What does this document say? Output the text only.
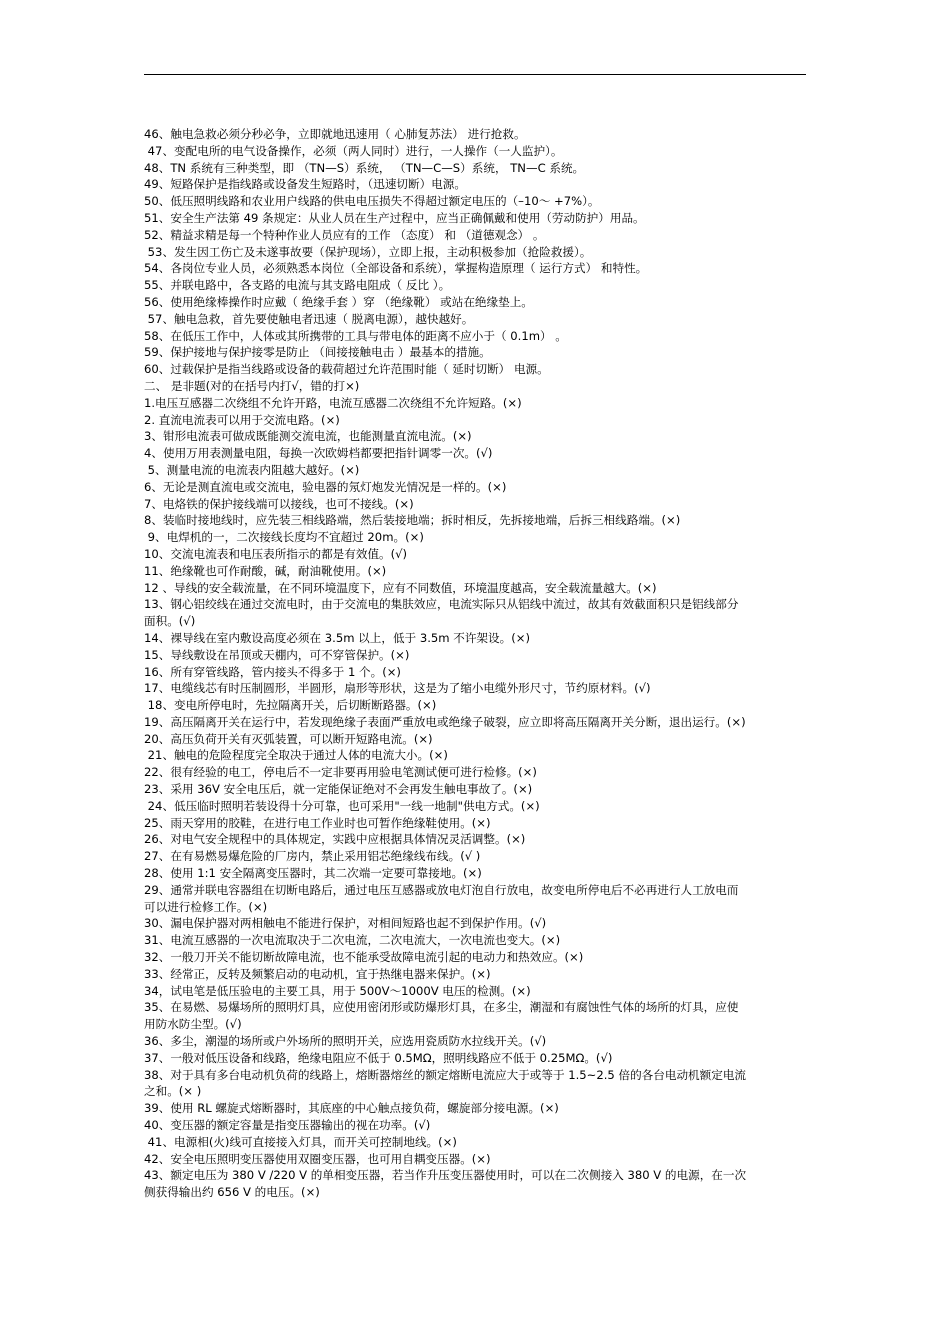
46、触电急救必须分秒必争，立即就地迅速用（ 心肺复苏法） 进行抢救。
47、变配电所的电气设备操作，必须（两人同时）进行，一人操作（一人监护）。
48、TN 系统有三种类型，即 （TN—S）系统， （TN—C—S）系统， TN—C 系统。
49、短路保护是指线路或设备发生短路时，（迅速切断）电源。
50、低压照明线路和农业用户线路的供电电压损失不得超过额定电压的（–10～ +7%）。
51、安全生产法第 49 条规定：从业人员在生产过程中，应当正确佩戴和使用（劳动防护）用品。
52、精益求精是每一个特种作业人员应有的工作 （态度） 和 （道德观念） 。
53、发生因工伤亡及未遂事故要（保护现场），立即上报，主动积极参加（抢险救援）。
54、各岗位专业人员，必须熟悉本岗位（全部设备和系统），掌握构造原理（ 运行方式） 和特性。
55、并联电路中，各支路的电流与其支路电阻成（ 反比 ）。
56、使用绝缘棒操作时应戴（ 绝缘手套 ）穿 （绝缘靴） 或站在绝缘垫上。
57、触电急救，首先要使触电者迅速（ 脱离电源），越快越好。
58、在低压工作中，人体或其所携带的工具与带电体的距离不应小于（ 0.1m） 。
59、保护接地与保护接零是防止 （间接接触电击 ）最基本的措施。
60、过载保护是指当线路或设备的载荷超过允许范围时能（ 延时切断） 电源。
二、 是非题(对的在括号内打√，错的打×)
1.电压互感器二次绕组不允许开路，电流互感器二次绕组不允许短路。(×)
2. 直流电流表可以用于交流电路。(×)
3、钳形电流表可做成既能测交流电流，也能测量直流电流。(×)
4、使用万用表测量电阻，每换一次欧姆档都要把指针调零一次。(√)
5、测量电流的电流表内阻越大越好。(×)
6、无论是测直流电或交流电，验电器的氖灯炮发光情况是一样的。(×)
7、电烙铁的保护接线端可以接线，也可不接线。(×)
8、装临时接地线时，应先装三相线路端，然后装接地端；拆时相反，先拆接地端，后拆三相线路端。(×)
9、电焊机的一，二次接线长度均不宜超过 20m。(×)
10、交流电流表和电压表所指示的都是有效值。(√)
11、绝缘靴也可作耐酸，碱，耐油靴使用。(×)
12 、导线的安全载流量，在不同环境温度下，应有不同数值，环境温度越高，安全载流量越大。(×)
13、钢心铝绞线在通过交流电时，由于交流电的集肤效应，电流实际只从铝线中流过，故其有效截面积只是铝线部分
面积。(√)
14、裸导线在室内敷设高度必须在 3.5m 以上，低于 3.5m 不许架设。(×)
15、导线敷设在吊顶或天棚内，可不穿管保护。(×)
16、所有穿管线路，管内接头不得多于 1 个。(×)
17、电缆线芯有时压制圆形，半圆形，扇形等形状，这是为了缩小电缆外形尺寸，节约原材料。(√)
18、变电所停电时，先拉隔离开关，后切断断路器。(×)
19、高压隔离开关在运行中，若发现绝缘子表面严重放电或绝缘子破裂，应立即将高压隔离开关分断，退出运行。(×)
20、高压负荷开关有灭弧装置，可以断开短路电流。(×)
21、触电的危险程度完全取决于通过人体的电流大小。(×)
22、很有经验的电工，停电后不一定非要再用验电笔测试便可进行检修。(×)
23、采用 36V 安全电压后，就一定能保证绝对不会再发生触电事故了。(×)
24、低压临时照明若装设得十分可靠，也可采用"一线一地制"供电方式。(×)
25、雨天穿用的胶鞋，在进行电工作业时也可暂作绝缘鞋使用。(×)
26、对电气安全规程中的具体规定，实践中应根据具体情况灵活调整。(×)
27、在有易燃易爆危险的厂房内，禁止采用铝芯绝缘线布线。(√ )
28、使用 1:1 安全隔离变压器时，其二次端一定要可靠接地。(×)
29、通常并联电容器组在切断电路后，通过电压互感器或放电灯泡自行放电，故变电所停电后不必再进行人工放电而
可以进行检修工作。(×)
30、漏电保护器对两相触电不能进行保护，对相间短路也起不到保护作用。(√)
31、电流互感器的一次电流取决于二次电流，二次电流大，一次电流也变大。(×)
32、一般刀开关不能切断故障电流，也不能承受故障电流引起的电动力和热效应。(×)
33、经常正，反转及频繁启动的电动机，宜于热继电器来保护。(×)
34，试电笔是低压验电的主要工具，用于 500V～1000V 电压的检测。(×)
35、在易燃、易爆场所的照明灯具，应使用密闭形或防爆形灯具，在多尘，潮湿和有腐蚀性气体的场所的灯具，应使
用防水防尘型。(√)
36、多尘，潮湿的场所或户外场所的照明开关，应选用瓷质防水拉线开关。(√)
37、一般对低压设备和线路，绝缘电阻应不低于 0.5MΩ，照明线路应不低于 0.25MΩ。(√)
38、对于具有多台电动机负荷的线路上，熔断器熔丝的额定熔断电流应大于或等于 1.5~2.5 倍的各台电动机额定电流
之和。(× )
39、使用 RL 螺旋式熔断器时，其底座的中心触点接负荷，螺旋部分接电源。(×)
40、变压器的额定容量是指变压器输出的视在功率。(√)
41、电源相(火)线可直接接入灯具，而开关可控制地线。(×)
42、安全电压照明变压器使用双圈变压器，也可用自耦变压器。(×)
43、额定电压为 380 V /220 V 的单相变压器，若当作升压变压器使用时，可以在二次侧接入 380 V 的电源，在一次
侧获得输出约 656 V 的电压。(×)
